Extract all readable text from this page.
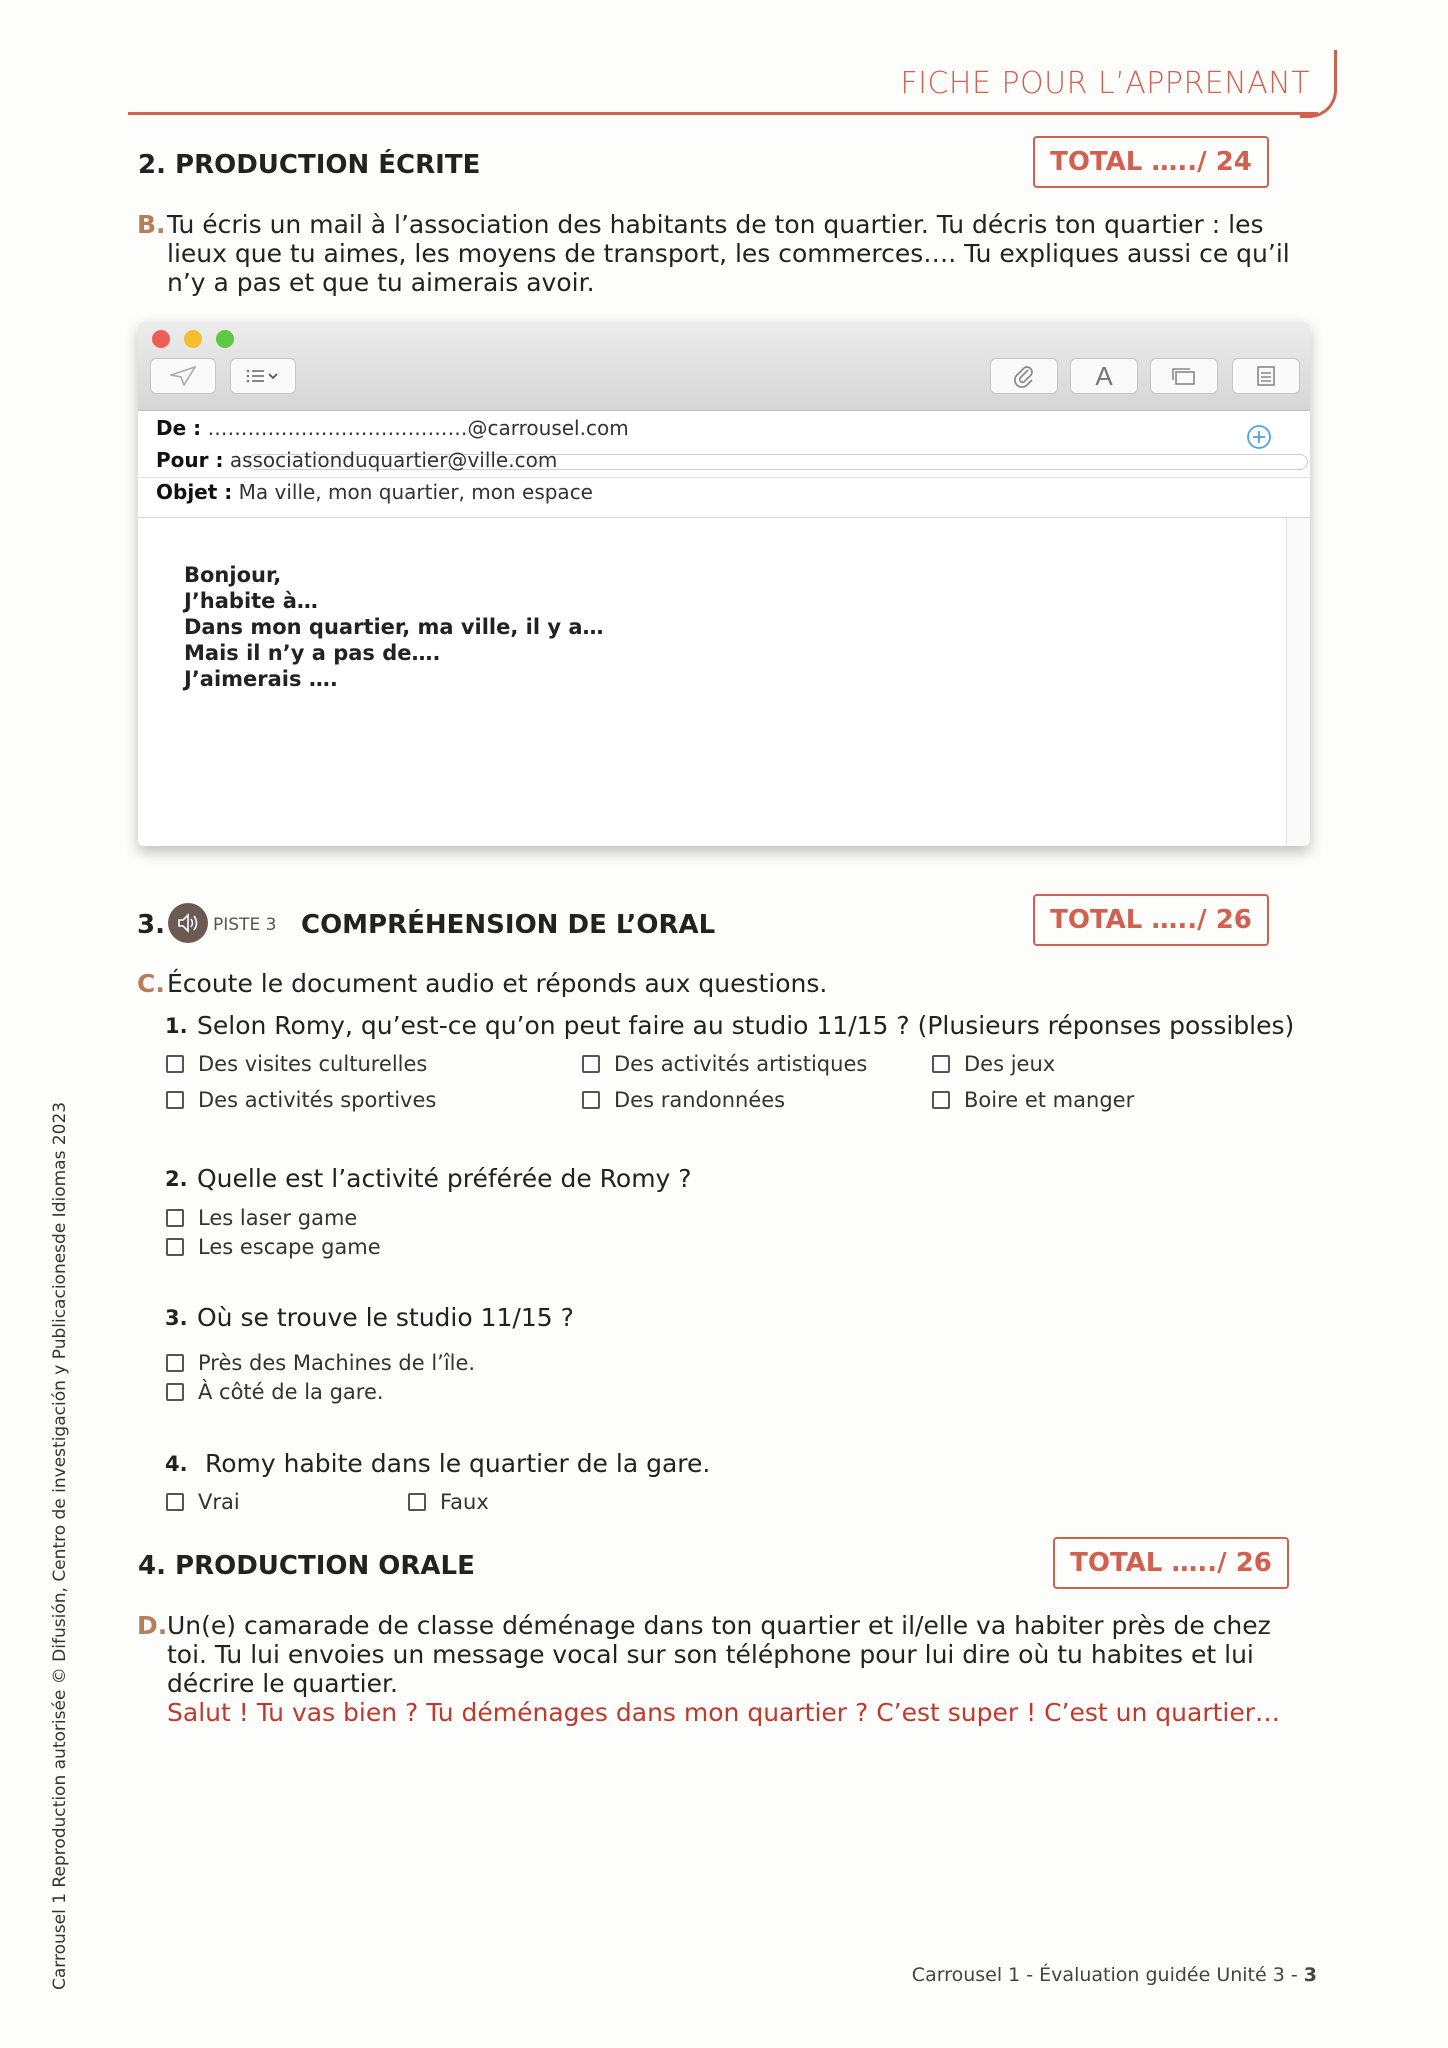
FICHE POUR L’APPRENANT
2. PRODUCTION ÉCRITE	TOTAL …../ 24
B. Tu écris un mail à l’association des habitants de ton quartier. Tu décris ton quartier : les lieux que tu aimes, les moyens de transport, les commerces…. Tu expliques aussi ce qu’il n’y a pas et que tu aimerais avoir.
A
De : …………………………………@carrousel.com
Pour : associationduquartier@ville.com
Objet : Ma ville, mon quartier, mon espace
Bonjour,
J’habite à…
Dans mon quartier, ma ville, il y a…
Mais il n’y a pas de….
J’aimerais ….
3.	PISTE 3 COMPRÉHENSION DE L’ORAL	TOTAL …../ 26
C. Écoute le document audio et réponds aux questions.
1. Selon Romy, qu’est-ce qu’on peut faire au studio 11/15 ? (Plusieurs réponses possibles)
Des visites culturelles	Des activités artistiques	Des jeux
Des activités sportives	Des randonnées	Boire et manger
2. Quelle est l’activité préférée de Romy ?
Les laser game
Les escape game
3. Où se trouve le studio 11/15 ?
Près des Machines de l’île.
À côté de la gare.
4. Romy habite dans le quartier de la gare.
Vrai	Faux
4. PRODUCTION ORALE	TOTAL …../ 26
D. Un(e) camarade de classe déménage dans ton quartier et il/elle va habiter près de chez toi. Tu lui envoies un message vocal sur son téléphone pour lui dire où tu habites et lui décrire le quartier.
Salut ! Tu vas bien ? Tu déménages dans mon quartier ? C’est super ! C’est un quartier…
Carrousel 1 Reproduction autorisée © Difusión, Centro de investigación y Publicacionesde Idiomas 2023	Carrousel 1 - Évaluation guidée Unité 3 - 3
